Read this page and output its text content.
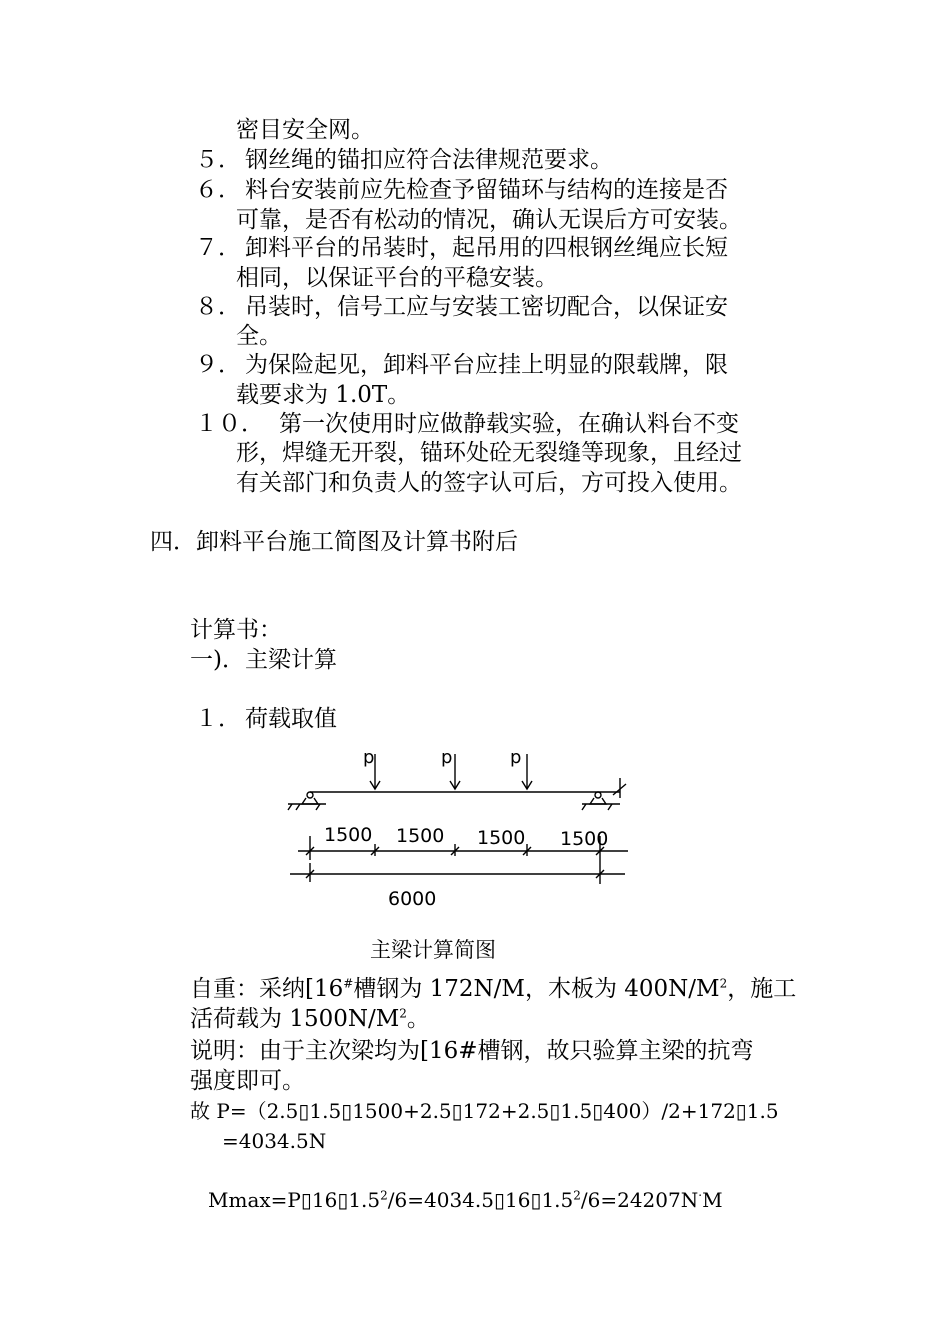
密目安全网。
５． 钢丝绳的锚扣应符合法律规范要求。
６． 料台安装前应先检查予留锚环与结构的连接是否
可靠，是否有松动的情况，确认无误后方可安装。
７． 卸料平台的吊装时，起吊用的四根钢丝绳应长短
相同，以保证平台的平稳安装。
８． 吊装时，信号工应与安装工密切配合，以保证安
全。
９． 为保险起见，卸料平台应挂上明显的限载牌，限
载要求为 1.0T。
１０． 第一次使用时应做静载实验，在确认料台不变
形，焊缝无开裂，锚环处砼无裂缝等现象，且经过
有关部门和负责人的签字认可后，方可投入使用。
四．卸料平台施工简图及计算书附后
计算书：
一)．主梁计算
１． 荷载取值
p	p	p
1500 1500 1500 1500
6000
主梁计算简图
自重：采纳[16#槽钢为 172N/M，木板为 $400N/M^2$，施工
活荷载为 $1500N/M^2$。
说明：由于主次梁均为[16#槽钢，故只验算主梁的抗弯
强度即可。
故 P=（2.5▯1.5▯1500+2.5▯172+2.5▯1.5▯400）/2+172▯1.5
=4034.5N
$Mmax=P▯16▯1.5^2/6=4034.5▯16▯1.5^2/6=24207N^\cdot M$
